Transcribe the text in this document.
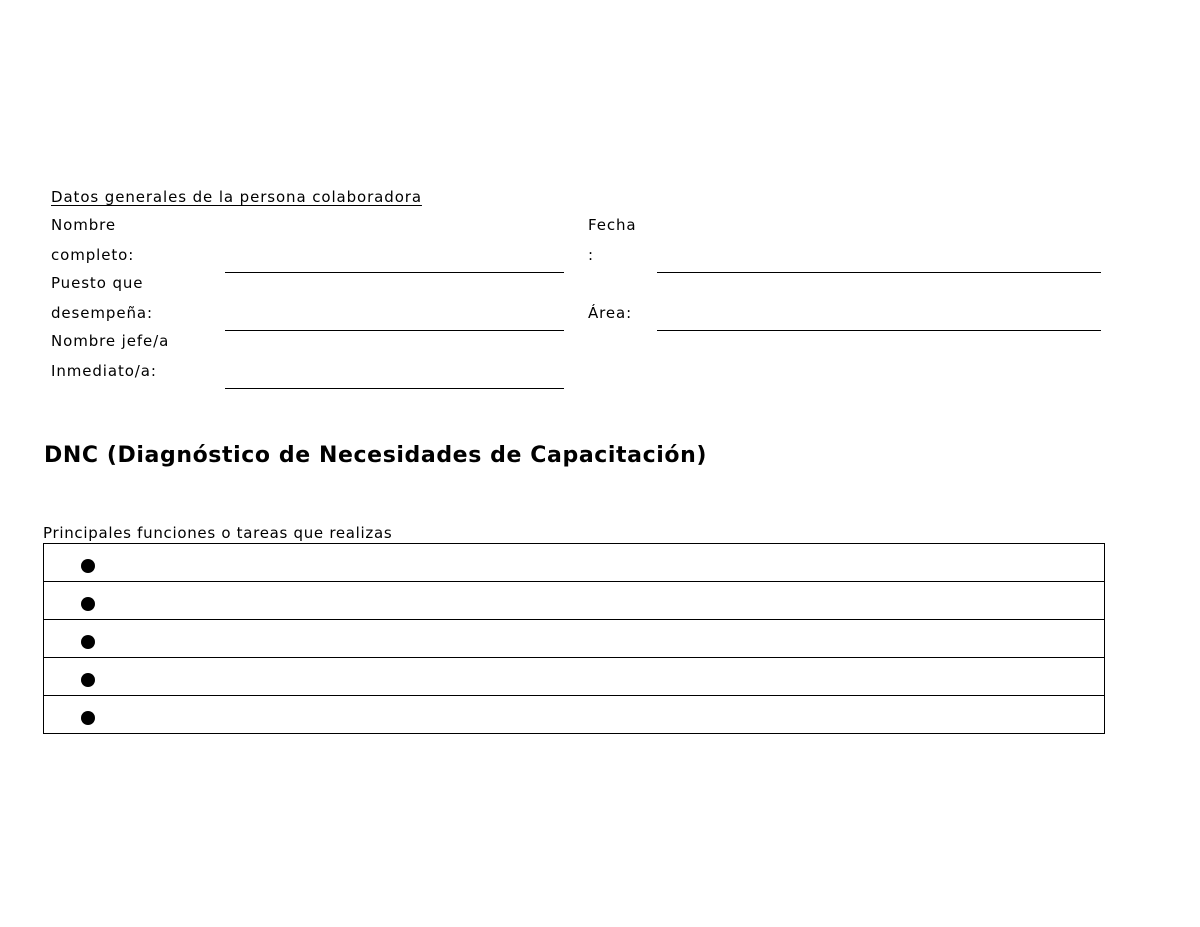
Datos generales de la persona colaboradora
Nombre
completo:
Fecha
:
Puesto que
desempeña:	Área:
Nombre jefe/a
Inmediato/a:
DNC (Diagnóstico de Necesidades de Capacitación)
Principales funciones o tareas que realizas
